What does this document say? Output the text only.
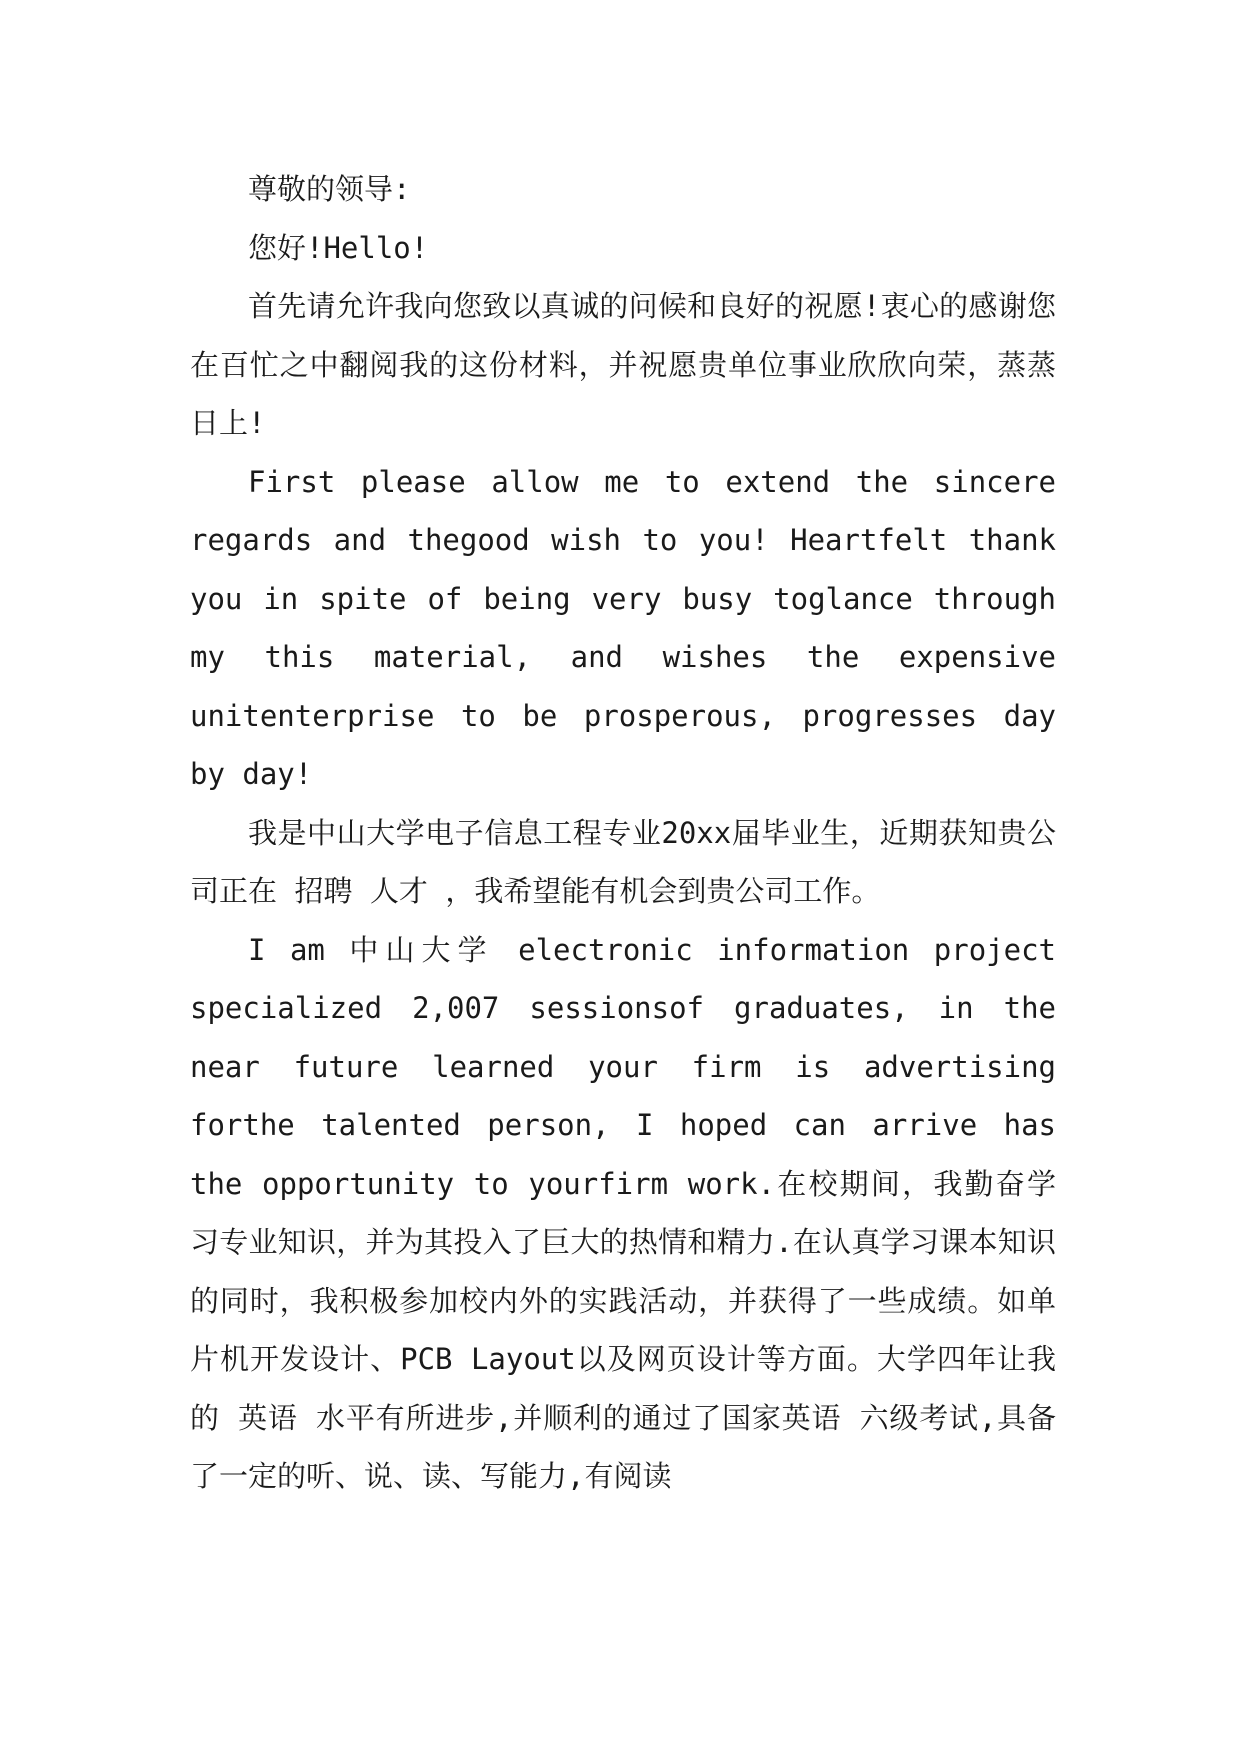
尊敬的领导:

您好!Hello!

首先请允许我向您致以真诚的问候和良好的祝愿!衷心的感谢您在百忙之中翻阅我的这份材料，并祝愿贵单位事业欣欣向荣，蒸蒸日上!

First please allow me to extend the sincere regards and thegood wish to you! Heartfelt thank you in spite of being very busy toglance through my this material, and wishes the expensive unitenterprise to be prosperous, progresses day by day!

我是中山大学电子信息工程专业20xx届毕业生，近期获知贵公司正在 招聘 人才 ，我希望能有机会到贵公司工作。

I am 中山大学 electronic information project specialized 2,007 sessionsof graduates, in the near future learned your firm is advertising forthe talented person, I hoped can arrive has the opportunity to yourfirm work.在校期间，我勤奋学习专业知识，并为其投入了巨大的热情和精力.在认真学习课本知识的同时，我积极参加校内外的实践活动，并获得了一些成绩。如单片机开发设计、PCB Layout以及网页设计等方面。大学四年让我的 英语 水平有所进步,并顺利的通过了国家英语 六级考试,具备了一定的听、说、读、写能力,有阅读
